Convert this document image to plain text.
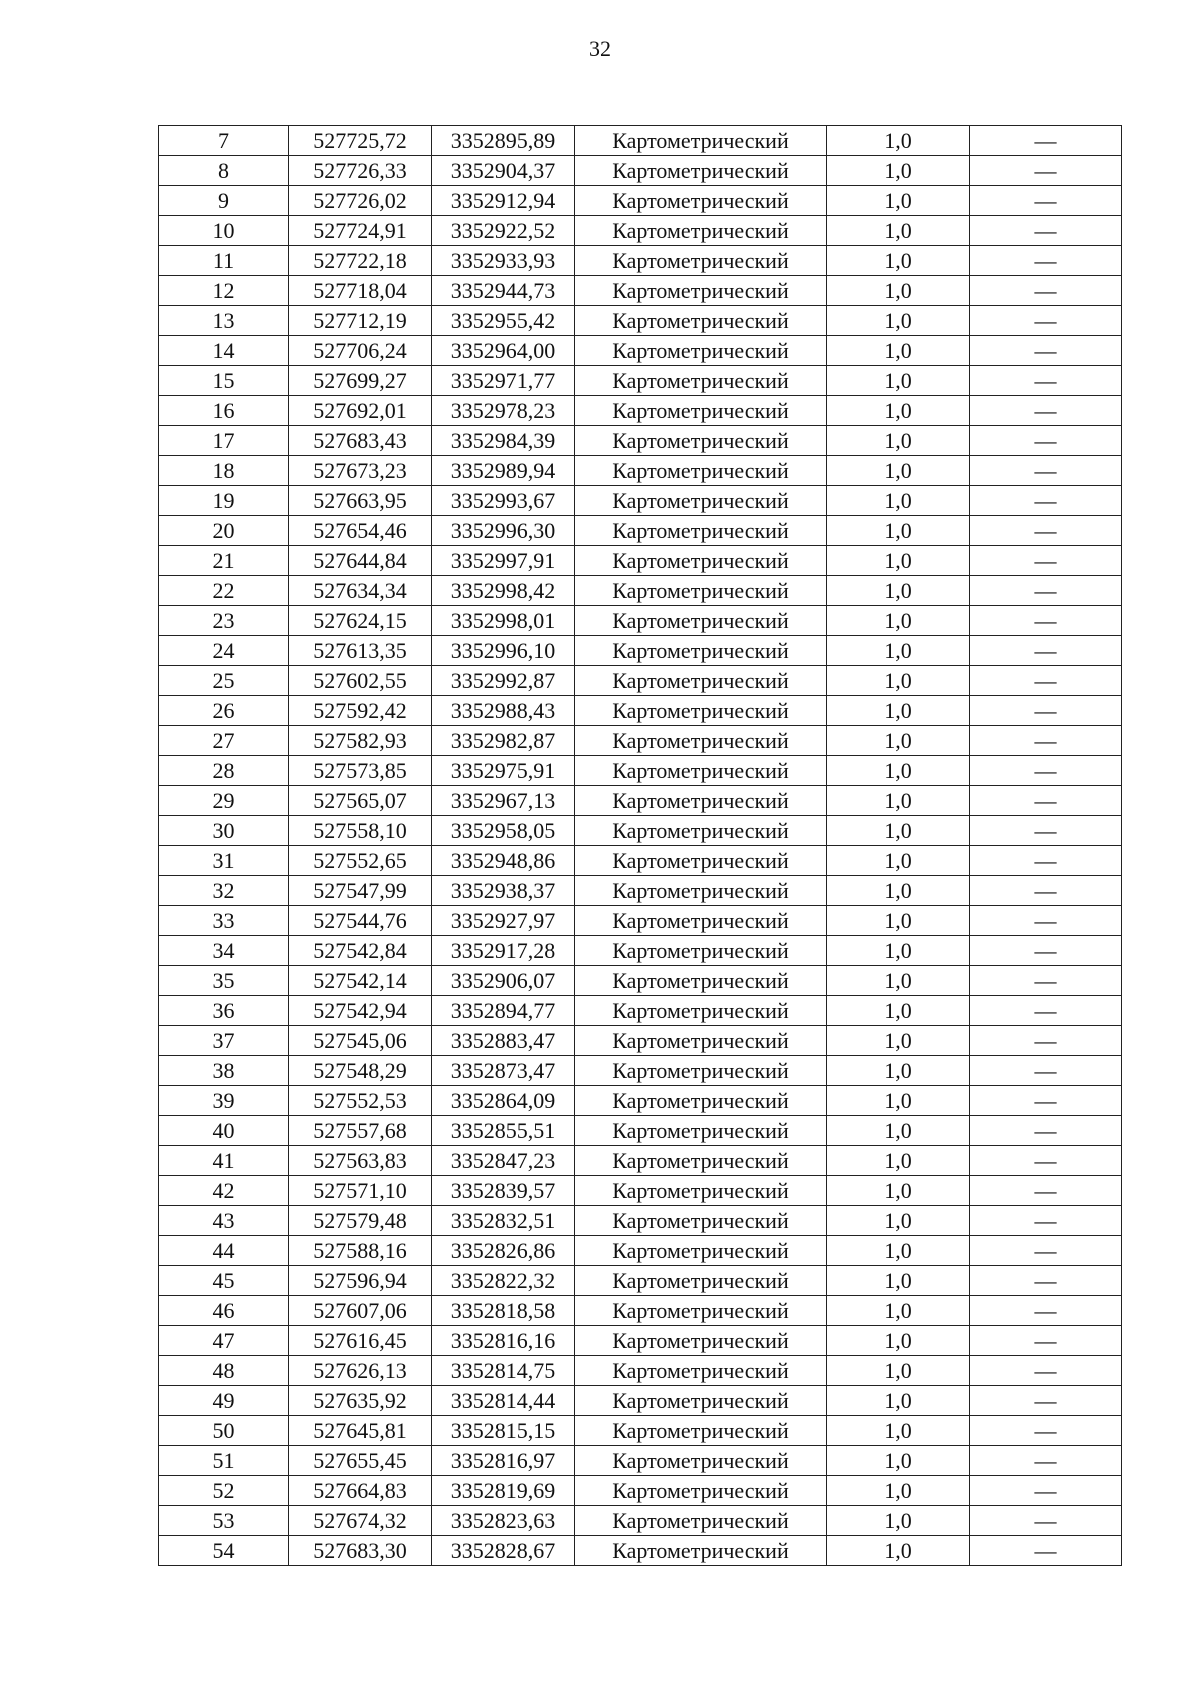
32
7	527725,72	3352895,89	Картометрический	1,0	—
8	527726,33	3352904,37	Картометрический	1,0	—
9	527726,02	3352912,94	Картометрический	1,0	—
10	527724,91	3352922,52	Картометрический	1,0	—
11	527722,18	3352933,93	Картометрический	1,0	—
12	527718,04	3352944,73	Картометрический	1,0	—
13	527712,19	3352955,42	Картометрический	1,0	—
14	527706,24	3352964,00	Картометрический	1,0	—
15	527699,27	3352971,77	Картометрический	1,0	—
16	527692,01	3352978,23	Картометрический	1,0	—
17	527683,43	3352984,39	Картометрический	1,0	—
18	527673,23	3352989,94	Картометрический	1,0	—
19	527663,95	3352993,67	Картометрический	1,0	—
20	527654,46	3352996,30	Картометрический	1,0	—
21	527644,84	3352997,91	Картометрический	1,0	—
22	527634,34	3352998,42	Картометрический	1,0	—
23	527624,15	3352998,01	Картометрический	1,0	—
24	527613,35	3352996,10	Картометрический	1,0	—
25	527602,55	3352992,87	Картометрический	1,0	—
26	527592,42	3352988,43	Картометрический	1,0	—
27	527582,93	3352982,87	Картометрический	1,0	—
28	527573,85	3352975,91	Картометрический	1,0	—
29	527565,07	3352967,13	Картометрический	1,0	—
30	527558,10	3352958,05	Картометрический	1,0	—
31	527552,65	3352948,86	Картометрический	1,0	—
32	527547,99	3352938,37	Картометрический	1,0	—
33	527544,76	3352927,97	Картометрический	1,0	—
34	527542,84	3352917,28	Картометрический	1,0	—
35	527542,14	3352906,07	Картометрический	1,0	—
36	527542,94	3352894,77	Картометрический	1,0	—
37	527545,06	3352883,47	Картометрический	1,0	—
38	527548,29	3352873,47	Картометрический	1,0	—
39	527552,53	3352864,09	Картометрический	1,0	—
40	527557,68	3352855,51	Картометрический	1,0	—
41	527563,83	3352847,23	Картометрический	1,0	—
42	527571,10	3352839,57	Картометрический	1,0	—
43	527579,48	3352832,51	Картометрический	1,0	—
44	527588,16	3352826,86	Картометрический	1,0	—
45	527596,94	3352822,32	Картометрический	1,0	—
46	527607,06	3352818,58	Картометрический	1,0	—
47	527616,45	3352816,16	Картометрический	1,0	—
48	527626,13	3352814,75	Картометрический	1,0	—
49	527635,92	3352814,44	Картометрический	1,0	—
50	527645,81	3352815,15	Картометрический	1,0	—
51	527655,45	3352816,97	Картометрический	1,0	—
52	527664,83	3352819,69	Картометрический	1,0	—
53	527674,32	3352823,63	Картометрический	1,0	—
54	527683,30	3352828,67	Картометрический	1,0	—
